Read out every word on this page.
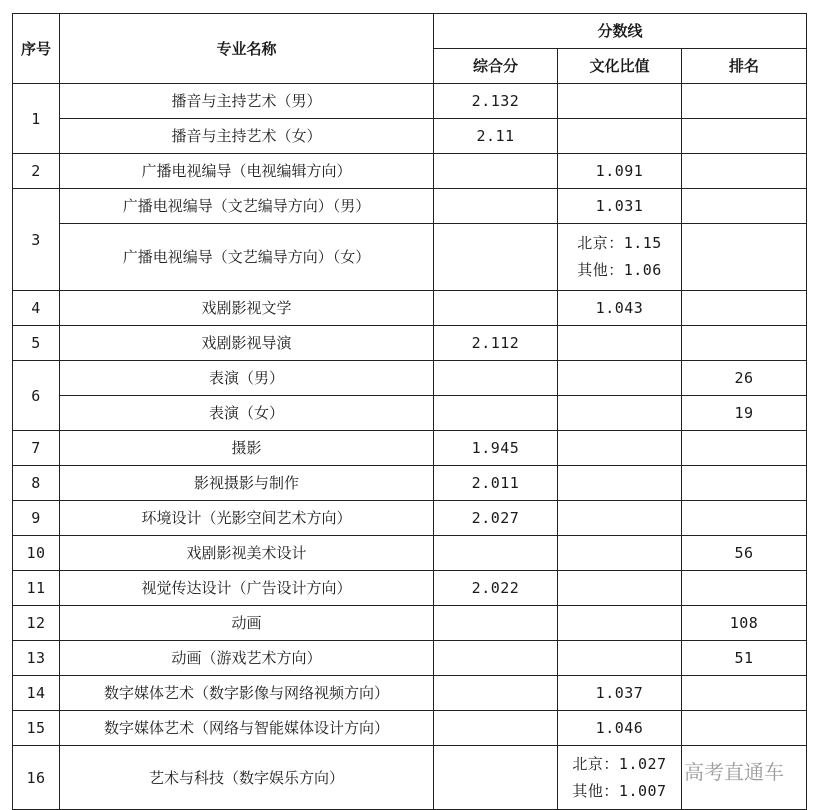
序号	专业名称	分数线		
		综合分	文化比值	排名
1	播音与主持艺术（男）	2.132		
	播音与主持艺术（女）	2.11		
2	广播电视编导（电视编辑方向）		1.091	
3	广播电视编导（文艺编导方向）（男）		1.031	
	广播电视编导（文艺编导方向）（女）		北京：1.15
其他：1.06	

4	戏剧影视文学		1.043	
5	戏剧影视导演	2.112		
6	表演（男）			26
	表演（女）			19
7	摄影	1.945		
8	影视摄影与制作	2.011		
9	环境设计（光影空间艺术方向）	2.027		
10	戏剧影视美术设计			56
11	视觉传达设计（广告设计方向）	2.022		
12	动画			108
13	动画（游戏艺术方向）			51
14	数字媒体艺术（数字影像与网络视频方向）		1.037	
15	数字媒体艺术（网络与智能媒体设计方向）		1.046	
16	艺术与科技（数字娱乐方向）		北京：1.027
其他：1.007	

高考直通车
